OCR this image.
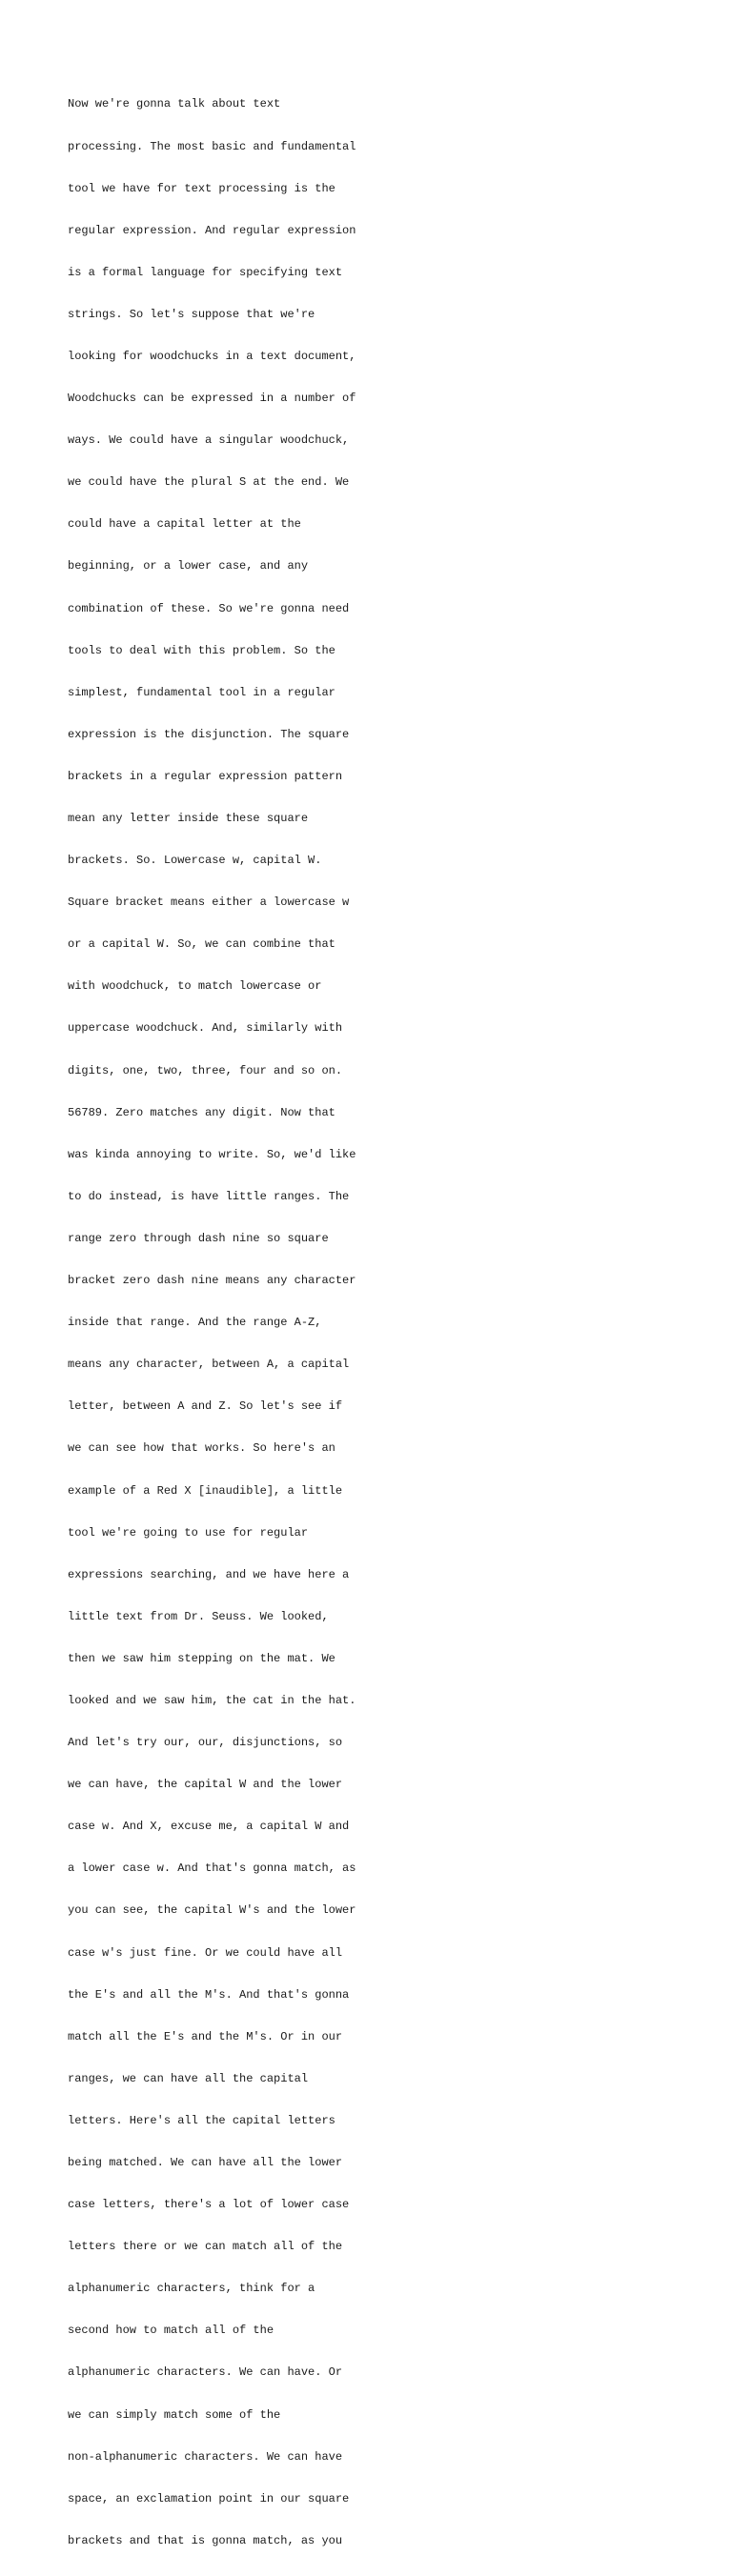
Now we're gonna talk about text

processing. The most basic and fundamental

tool we have for text processing is the

regular expression. And regular expression

is a formal language for specifying text

strings. So let's suppose that we're

looking for woodchucks in a text document,

Woodchucks can be expressed in a number of

ways. We could have a singular woodchuck,

we could have the plural S at the end. We

could have a capital letter at the

beginning, or a lower case, and any

combination of these. So we're gonna need

tools to deal with this problem. So the

simplest, fundamental tool in a regular

expression is the disjunction. The square

brackets in a regular expression pattern

mean any letter inside these square

brackets. So. Lowercase w, capital W.

Square bracket means either a lowercase w

or a capital W. So, we can combine that

with woodchuck, to match lowercase or

uppercase woodchuck. And, similarly with

digits, one, two, three, four and so on.

56789. Zero matches any digit. Now that

was kinda annoying to write. So, we'd like

to do instead, is have little ranges. The

range zero through dash nine so square

bracket zero dash nine means any character

inside that range. And the range A-Z,

means any character, between A, a capital

letter, between A and Z. So let's see if

we can see how that works. So here's an

example of a Red X [inaudible], a little

tool we're going to use for regular

expressions searching, and we have here a

little text from Dr. Seuss. We looked,

then we saw him stepping on the mat. We

looked and we saw him, the cat in the hat.

And let's try our, our, disjunctions, so

we can have, the capital W and the lower

case w. And X, excuse me, a capital W and

a lower case w. And that's gonna match, as

you can see, the capital W's and the lower

case w's just fine. Or we could have all

the E's and all the M's. And that's gonna

match all the E's and the M's. Or in our

ranges, we can have all the capital

letters. Here's all the capital letters

being matched. We can have all the lower

case letters, there's a lot of lower case

letters there or we can match all of the

alphanumeric characters, think for a

second how to match all of the

alphanumeric characters. We can have. Or

we can simply match some of the

non-alphanumeric characters. We can have

space, an exclamation point in our square

brackets and that is gonna match, as you
